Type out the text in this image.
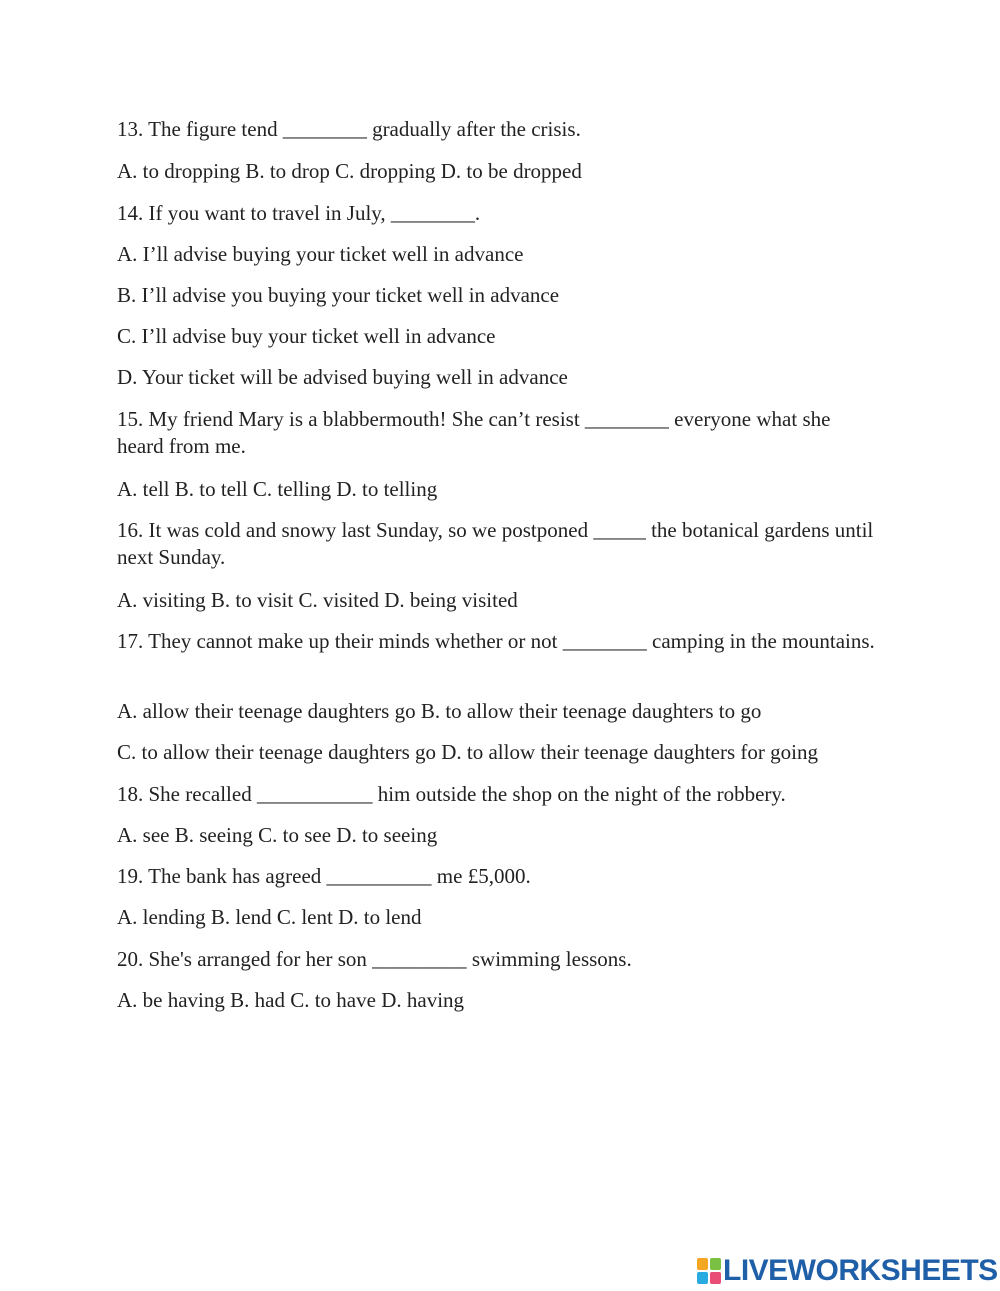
13. The figure tend ________ gradually after the crisis.
A. to dropping B. to drop C. dropping D. to be dropped
14. If you want to travel in July, ________.
A. I’ll advise buying your ticket well in advance
B. I’ll advise you buying your ticket well in advance
C. I’ll advise buy your ticket well in advance
D. Your ticket will be advised buying well in advance
15. My friend Mary is a blabbermouth! She can’t resist ________ everyone what she heard from me.
A. tell B. to tell C. telling D. to telling
16. It was cold and snowy last Sunday, so we postponed _____ the botanical gardens until next Sunday.
A. visiting B. to visit C. visited D. being visited
17. They cannot make up their minds whether or not ________ camping in the mountains.
A. allow their teenage daughters go B. to allow their teenage daughters to go
C. to allow their teenage daughters go D. to allow their teenage daughters for going
18. She recalled ___________ him outside the shop on the night of the robbery.
A. see B. seeing C. to see D. to seeing
19. The bank has agreed __________ me £5,000.
A. lending B. lend C. lent D. to lend
20. She's arranged for her son _________ swimming lessons.
A. be having B. had C. to have D. having
LIVEWORKSHEETS
